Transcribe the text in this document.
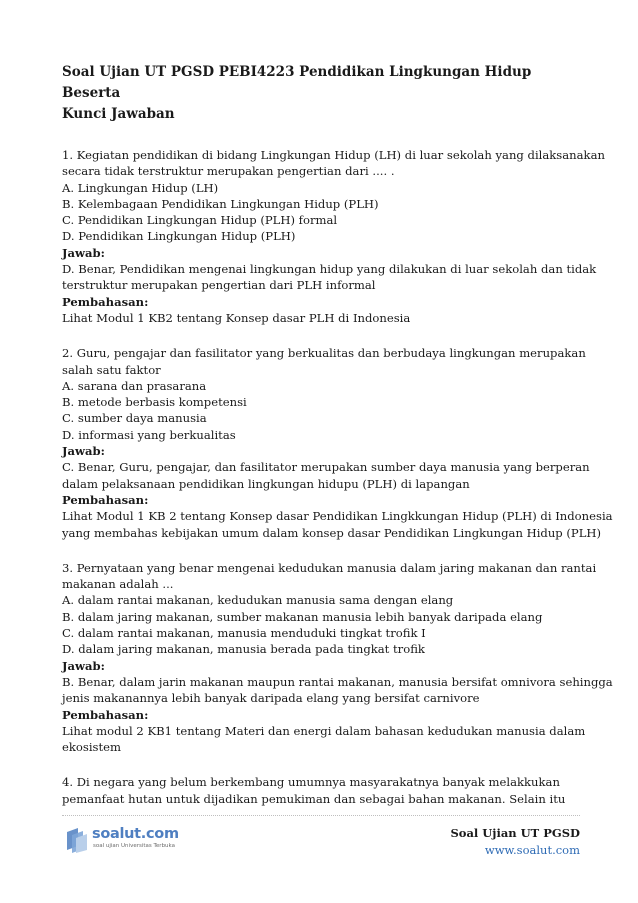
Soal Ujian UT PGSD PEBI4223 Pendidikan Lingkungan Hidup Beserta
Kunci Jawaban
1. Kegiatan pendidikan di bidang Lingkungan Hidup (LH) di luar sekolah yang dilaksanakan
secara tidak terstruktur merupakan pengertian dari .... .
A. Lingkungan Hidup (LH)
B. Kelembagaan Pendidikan Lingkungan Hidup (PLH)
C. Pendidikan Lingkungan Hidup (PLH) formal
D. Pendidikan Lingkungan Hidup (PLH)
Jawab:
D. Benar, Pendidikan mengenai lingkungan hidup yang dilakukan di luar sekolah dan tidak
terstruktur merupakan pengertian dari PLH informal
Pembahasan:
Lihat Modul 1 KB2 tentang Konsep dasar PLH di Indonesia
2. Guru, pengajar dan fasilitator yang berkualitas dan berbudaya lingkungan merupakan
salah satu faktor
A. sarana dan prasarana
B. metode berbasis kompetensi
C. sumber daya manusia
D. informasi yang berkualitas
Jawab:
C. Benar, Guru, pengajar, dan fasilitator merupakan sumber daya manusia yang berperan
dalam pelaksanaan pendidikan lingkungan hidupu (PLH) di lapangan
Pembahasan:
Lihat Modul 1 KB 2 tentang Konsep dasar Pendidikan Lingkkungan Hidup (PLH) di Indonesia
yang membahas kebijakan umum dalam konsep dasar Pendidikan Lingkungan Hidup (PLH)
3. Pernyataan yang benar mengenai kedudukan manusia dalam jaring makanan dan rantai
makanan adalah ...
A. dalam rantai makanan, kedudukan manusia sama dengan elang
B. dalam jaring makanan, sumber makanan manusia lebih banyak daripada elang
C. dalam rantai makanan, manusia menduduki tingkat trofik I
D. dalam jaring makanan, manusia berada pada tingkat trofik
Jawab:
B. Benar, dalam jarin makanan maupun rantai makanan, manusia bersifat omnivora sehingga
jenis makanannya lebih banyak daripada elang yang bersifat carnivore
Pembahasan:
Lihat modul 2 KB1 tentang Materi dan energi dalam bahasan kedudukan manusia dalam
ekosistem
4. Di negara yang belum berkembang umumnya masyarakatnya banyak melakkukan
pemanfaat hutan untuk dijadikan pemukiman dan sebagai bahan makanan. Selain itu
soalut.com
soal ujian Universitas Terbuka
Soal Ujian UT PGSD
www.soalut.com
